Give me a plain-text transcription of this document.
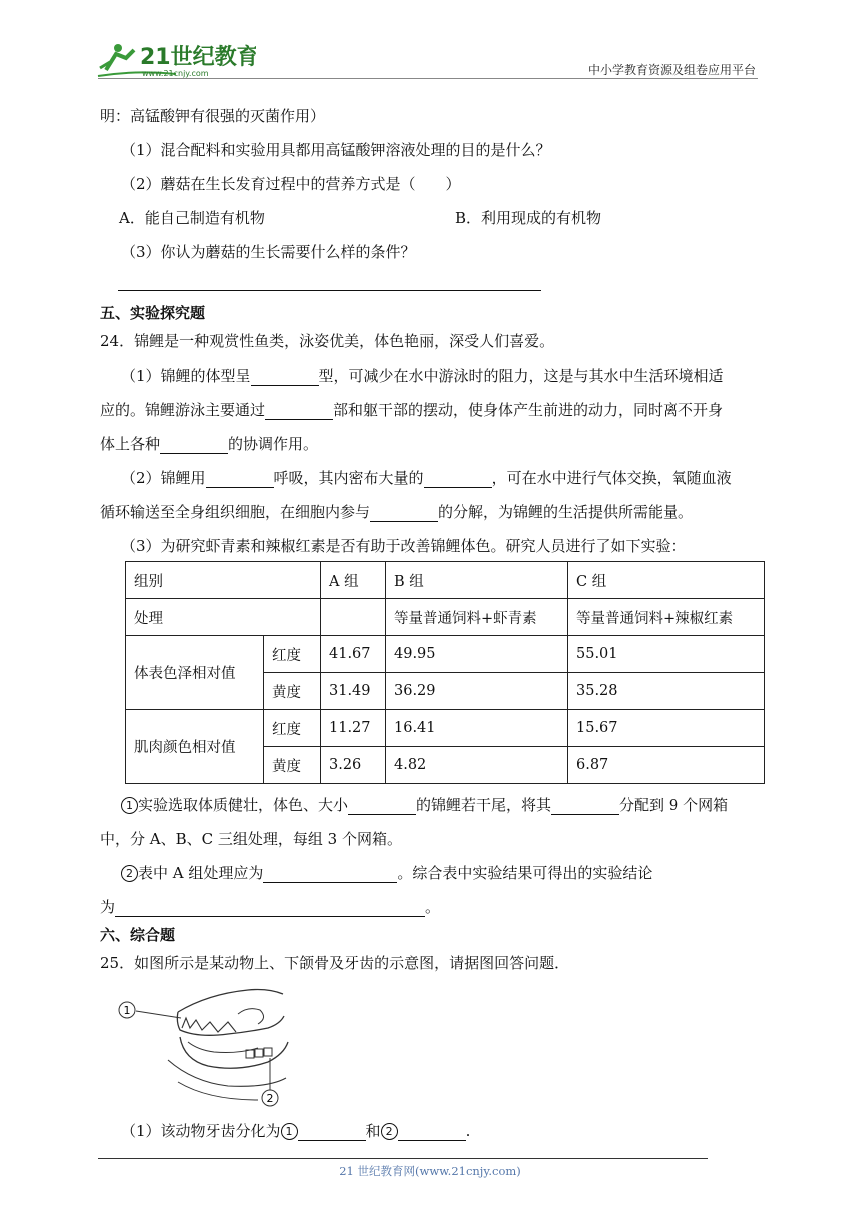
21世纪教育
www.21cnjy.com	中小学教育资源及组卷应用平台
明：高锰酸钾有很强的灭菌作用）
（1）混合配料和实验用具都用高锰酸钾溶液处理的目的是什么？
（2）蘑菇在生长发育过程中的营养方式是（　　）
A．能自己制造有机物	B．利用现成的有机物
（3）你认为蘑菇的生长需要什么样的条件？
五、实验探究题
24．锦鲤是一种观赏性鱼类，泳姿优美，体色艳丽，深受人们喜爱。
（1）锦鲤的体型呈	型，可减少在水中游泳时的阻力，这是与其水中生活环境相适
应的。锦鲤游泳主要通过	部和躯干部的摆动，使身体产生前进的动力，同时离不开身
体上各种	的协调作用。
（2）锦鲤用	呼吸，其内密布大量的	，可在水中进行气体交换，氧随血液
循环输送至全身组织细胞，在细胞内参与	的分解，为锦鲤的生活提供所需能量。
（3）为研究虾青素和辣椒红素是否有助于改善锦鲤体色。研究人员进行了如下实验：
组别		A 组	B 组	C 组
处理			等量普通饲料+虾青素	等量普通饲料+辣椒红素
体表色泽相对值	红度	41.67	49.95	55.01
	黄度	31.49	36.29	35.28
肌肉颜色相对值	红度	11.27	16.41	15.67
	黄度	3.26	4.82	6.87
1 实验选取体质健壮，体色、大小	的锦鲤若干尾，将其	分配到 9 个网箱
中，分 A、B、C 三组处理，每组 3 个网箱。
2 表中 A 组处理应为	。综合表中实验结果可得出的实验结论
为	。
六、综合题
25．如图所示是某动物上、下颌骨及牙齿的示意图，请据图回答问题．
1
2
（1）该动物牙齿分化为 1	和 2	.
21 世纪教育网(www.21cnjy.com)
